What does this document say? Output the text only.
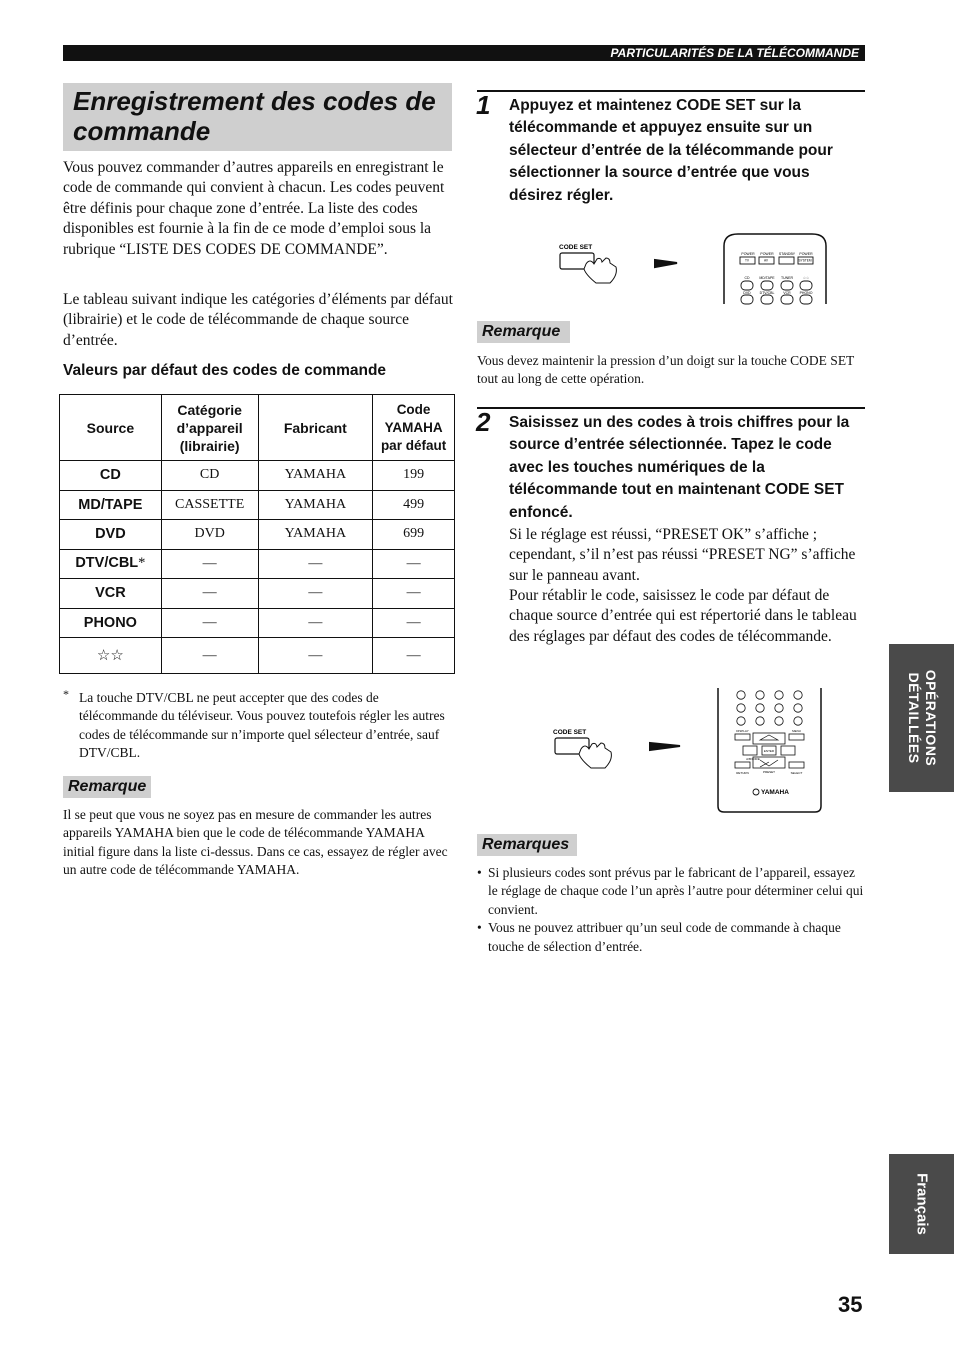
PARTICULARITÉS DE LA TÉLÉCOMMANDE
Enregistrement des codes de
commande

Vous pouvez commander d’autres appareils en enregistrant le code de commande qui convient à chacun. Les codes peuvent être définis pour chaque zone d’entrée. La liste des codes disponibles est fournie à la fin de ce mode d’emploi sous la rubrique “LISTE DES CODES DE COMMANDE”.

Le tableau suivant indique les catégories d’éléments par défaut (librairie) et le code de télécommande de chaque source d’entrée.

Valeurs par défaut des codes de commande
Source	Catégorie
d’appareil
(librairie)	Fabricant	Code
YAMAHA
par défaut
CD	CD	YAMAHA	199
MD/TAPE	CASSETTE	YAMAHA	499
DVD	DVD	YAMAHA	699
DTV/CBL*	—	—	—
VCR	—	—	—
PHONO	—	—	—
☆☆	—	—	—
* La touche DTV/CBL ne peut accepter que des codes de télécommande du téléviseur. Vous pouvez toutefois régler les autres codes de télécommande sur n’importe quel sélecteur d’entrée, sauf DTV/CBL.
Remarque

Il se peut que vous ne soyez pas en mesure de commander les autres appareils YAMAHA bien que le code de télécommande YAMAHA initial figure dans la liste ci-dessus. Dans ce cas, essayez de régler avec un autre code de télécommande YAMAHA.

1 Appuyez et maintenez CODE SET sur la télécommande et appuyez ensuite sur un sélecteur d’entrée de la télécommande pour sélectionner la source d’entrée que vous désirez régler.

CODE SET
POWER POWER STANDBY POWER
TV	AV	SYSTEM
CD	MD/TAPE TUNER	☆☆
DVD	DTV/CBL	VCR	PHONO
Remarque

Vous devez maintenir la pression d’un doigt sur la touche CODE SET tout au long de cette opération.

2 Saisissez un des codes à trois chiffres pour la source d’entrée sélectionnée. Tapez le code avec les touches numériques de la télécommande tout en maintenant CODE SET enfoncé.

Si le réglage est réussi, “PRESET OK” s’affiche ; cependant, s’il n’est pas réussi “PRESET NG” s’affiche sur le panneau avant.

Pour rétablir le code, saisissez le code par défaut de chaque source d’entrée qui est répertorié dans le tableau des réglages par défaut des codes de télécommande.

CODE SET	DISPLAY	MENU
ENTER
RETURN	SELECT
A/B/C/D/E
PRESET
YAMAHA
Remarques
• Si plusieurs codes sont prévus par le fabricant de l’appareil, essayez le réglage de chaque code l’un après l’autre pour déterminer celui qui convient.
• Vous ne pouvez attribuer qu’un seul code de commande à chaque touche de sélection d’entrée.
OPÉRATIONS
DÉTAILLÉES
Français
35
